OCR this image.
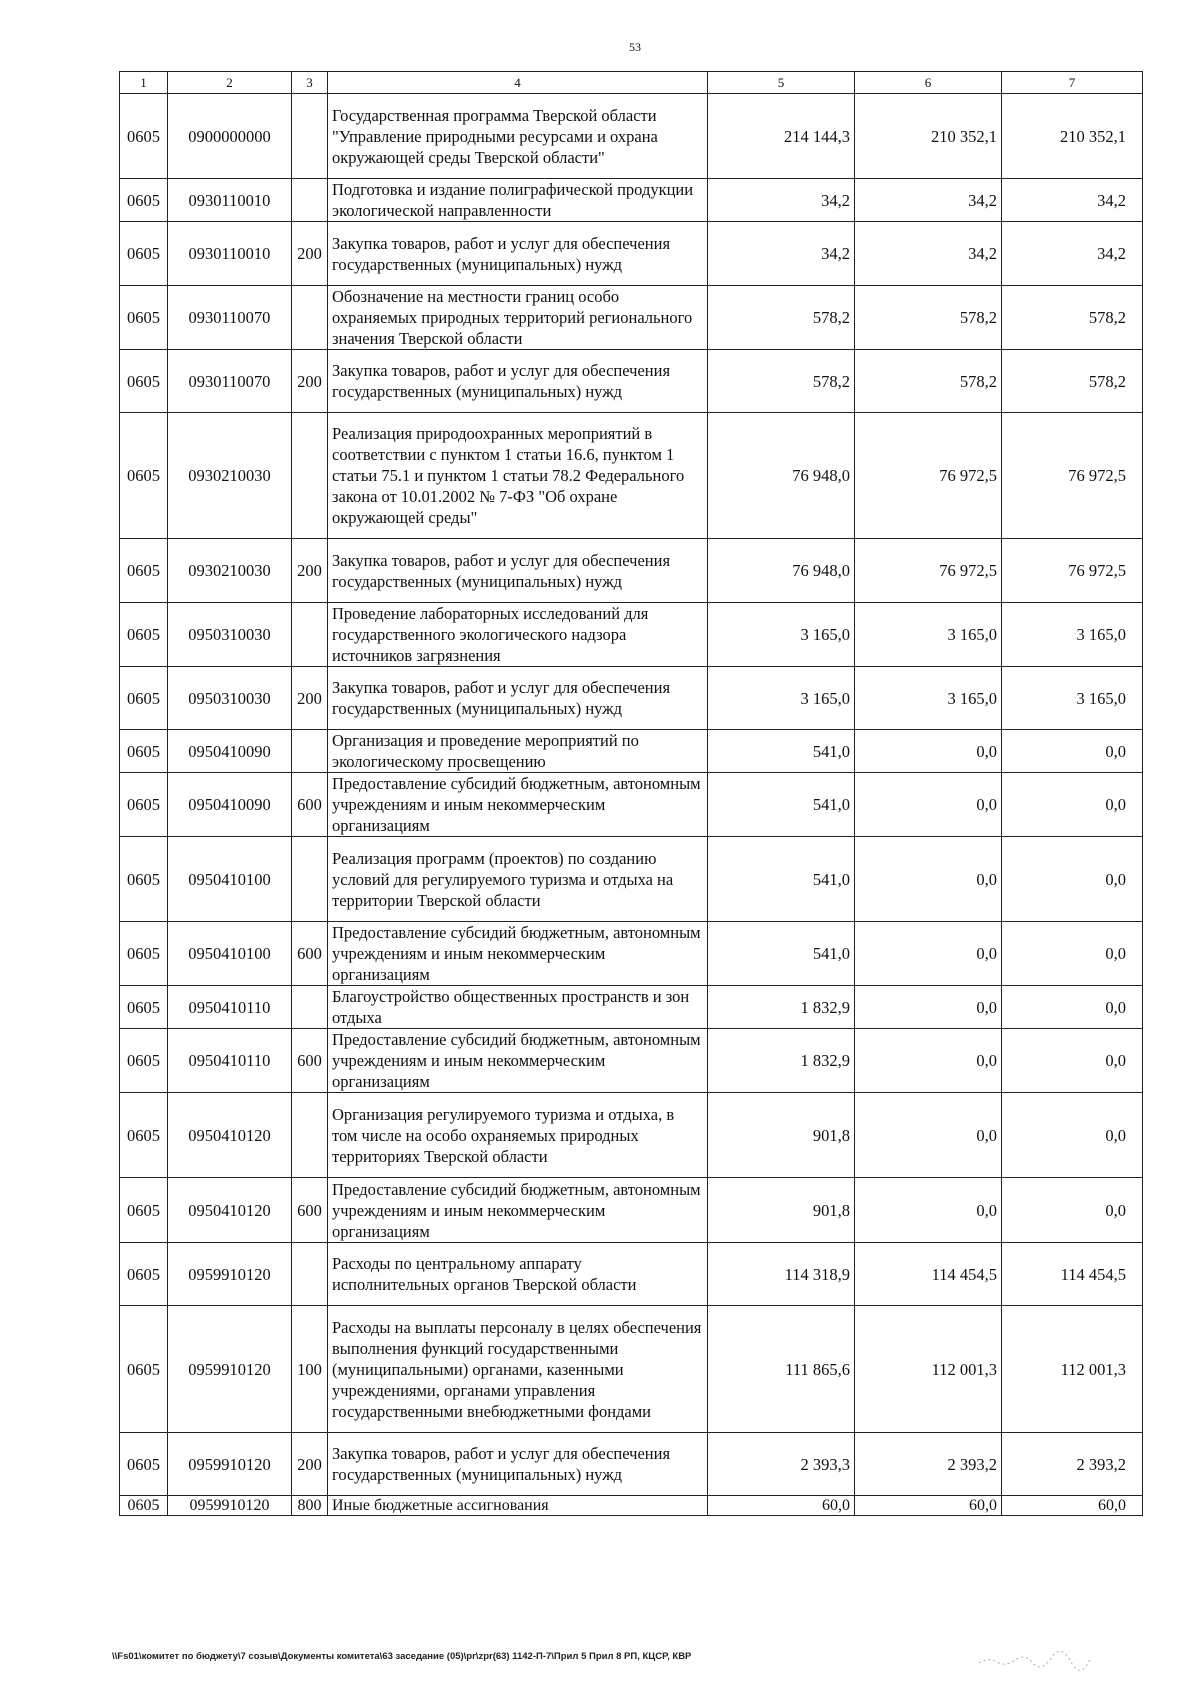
53
1	2	3	4	5	6	7
0605	0900000000		Государственная программа Тверской области "Управление природными ресурсами и охрана окружающей среды Тверской области"	214 144,3	210 352,1	210 352,1
0605	0930110010		Подготовка и издание полиграфической продукции экологической направленности	34,2	34,2	34,2
0605	0930110010	200	Закупка товаров, работ и услуг для обеспечения государственных (муниципальных) нужд	34,2	34,2	34,2
0605	0930110070		Обозначение на местности границ особо охраняемых природных территорий регионального значения Тверской области	578,2	578,2	578,2
0605	0930110070	200	Закупка товаров, работ и услуг для обеспечения государственных (муниципальных) нужд	578,2	578,2	578,2
0605	0930210030		Реализация природоохранных мероприятий в соответствии с пунктом 1 статьи 16.6, пунктом 1 статьи 75.1 и пунктом 1 статьи 78.2 Федерального закона от 10.01.2002 № 7-ФЗ "Об охране окружающей среды"	76 948,0	76 972,5	76 972,5
0605	0930210030	200	Закупка товаров, работ и услуг для обеспечения государственных (муниципальных) нужд	76 948,0	76 972,5	76 972,5
0605	0950310030		Проведение лабораторных исследований для государственного экологического надзора источников загрязнения	3 165,0	3 165,0	3 165,0
0605	0950310030	200	Закупка товаров, работ и услуг для обеспечения государственных (муниципальных) нужд	3 165,0	3 165,0	3 165,0
0605	0950410090		Организация и проведение мероприятий по экологическому просвещению	541,0	0,0	0,0
0605	0950410090	600	Предоставление субсидий бюджетным, автономным учреждениям и иным некоммерческим организациям	541,0	0,0	0,0
0605	0950410100		Реализация программ (проектов) по созданию условий для регулируемого туризма и отдыха на территории Тверской области	541,0	0,0	0,0
0605	0950410100	600	Предоставление субсидий бюджетным, автономным учреждениям и иным некоммерческим организациям	541,0	0,0	0,0
0605	0950410110		Благоустройство общественных пространств и зон отдыха	1 832,9	0,0	0,0
0605	0950410110	600	Предоставление субсидий бюджетным, автономным учреждениям и иным некоммерческим организациям	1 832,9	0,0	0,0
0605	0950410120		Организация регулируемого туризма и отдыха, в том числе на особо охраняемых природных территориях Тверской области	901,8	0,0	0,0
0605	0950410120	600	Предоставление субсидий бюджетным, автономным учреждениям и иным некоммерческим организациям	901,8	0,0	0,0
0605	0959910120		Расходы по центральному аппарату исполнительных органов Тверской области	114 318,9	114 454,5	114 454,5
0605	0959910120	100	Расходы на выплаты персоналу в целях обеспечения выполнения функций государственными (муниципальными) органами, казенными учреждениями, органами управления государственными внебюджетными фондами	111 865,6	112 001,3	112 001,3
0605	0959910120	200	Закупка товаров, работ и услуг для обеспечения государственных (муниципальных) нужд	2 393,3	2 393,2	2 393,2
0605	0959910120	800	Иные бюджетные ассигнования	60,0	60,0	60,0
\\Fs01\комитет по бюджету\7 созыв\Документы комитета\63 заседание (05)\pr\zpr(63) 1142-П-7\Прил 5 Прил 8 РП, КЦСР, КВР
